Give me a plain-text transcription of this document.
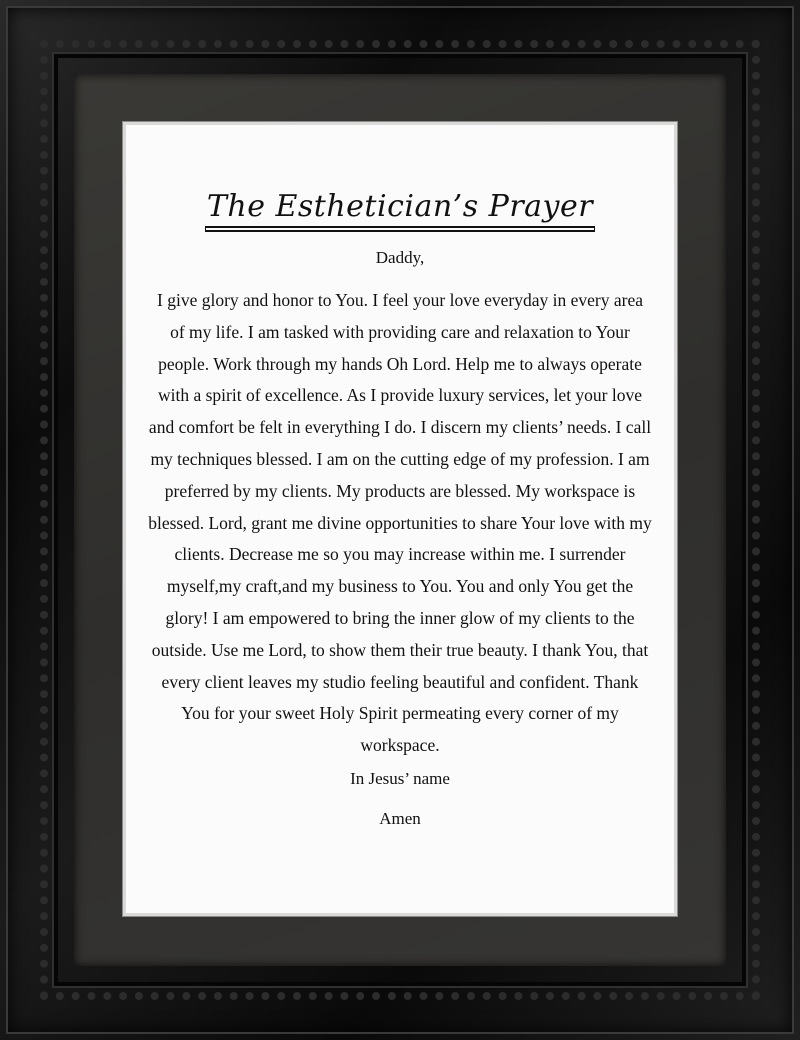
The Esthetician’s Prayer
Daddy,

I give glory and honor to You. I feel your love everyday in every area of my life. I am tasked with providing care and relaxation to Your people. Work through my hands Oh Lord. Help me to always operate with a spirit of excellence. As I provide luxury services, let your love and comfort be felt in everything I do. I discern my clients’ needs. I call my techniques blessed. I am on the cutting edge of my profession. I am preferred by my clients. My products are blessed. My workspace is blessed. Lord, grant me divine opportunities to share Your love with my clients. Decrease me so you may increase within me. I surrender myself,my craft,and my business to You. You and only You get the glory! I am empowered to bring the inner glow of my clients to the outside. Use me Lord, to show them their true beauty. I thank You, that every client leaves my studio feeling beautiful and confident. Thank You for your sweet Holy Spirit permeating every corner of my workspace.

In Jesus’ name
Amen
